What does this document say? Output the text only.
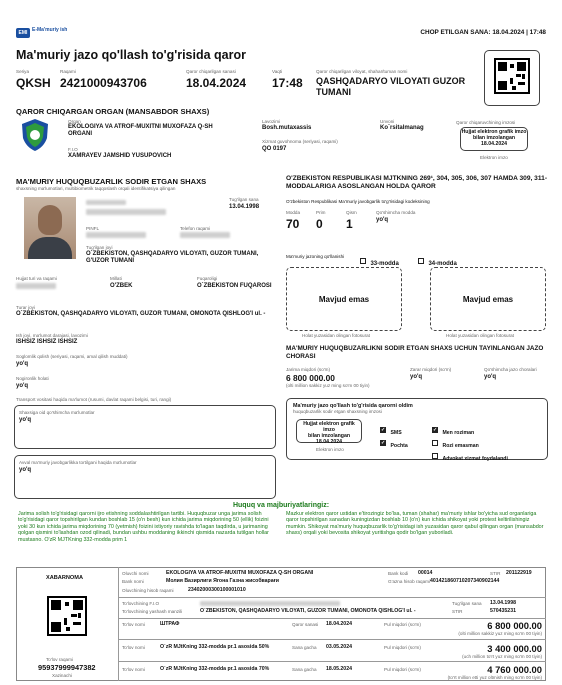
EMI E-Ma'muriy ish	CHOP ETILGAN SANA: 18.04.2024 | 17:48
Ma'muriy jazo qo'llash to'g'risida qaror
Seriya
QKSH
Raqami
2421000943706
Qaror chiqarilgan sanasi
18.04.2024
Vaqti
17:48
Qaror chiqarilgan viloyat, shahar/tuman nomi
QASHQADARYO VILOYATI GUZOR TUMANI
QAROR CHIQARGAN ORGAN (MANSABDOR SHAXS)
Organ
EKOLOGIYA VA ATROF-MUXITNI MUXOFAZA Q-SH ORGANI
F.I.O
XAMRAYEV JAMSHID YUSUPOVICH
Lavozimi
Bosh.mutaxassis
Unvoni
Ko`rsitalmanag
Xizmat guvohnoma (seriyasi, raqami)
QO 0197
Qaror chiqaruvchining imzosi
Hujjat elektron grafik imzo
bilan imzolangan
18.04.2024
Elektron imzo
MA'MURIY HUQUQBUZARLIK SODIR ETGAN SHAXS
shaxsning ma'lumotlari, multibiometrik taqqoslash orqali identifikatsiya qilingan
Tug'ilgan sana
13.04.1998
PINFL	Telefon raqami
Tug'ilgan joyi
O`ZBEKISTON, QASHQADARYO VILOYATI, GUZOR TUMANI, G'UZOR TUMANI
Hujjat turi va raqami	Millati
O'ZBEK
Fuqaroligi
O`ZBEKISTON FUQAROSI
Turar joyi
O`ZBEKISTON, QASHQADARYO VILOYATI, GUZOR TUMANI, OMONOTA QISHLOG'I ul. -
Ish joyi, ma'lumot darajasi, lavozimi
ISHSIZ ISHSIZ ISHSIZ
Soglomlik qolish (seriyasi, raqami, amal qilish muddati)
yo'q
Nogironlik holati
yo'q
Transport vositasi haqida ma'lumot (rusumi, davlat raqami belgisi, turi, rangi)
Shaxsiga oid qo'shimcha ma'lumotlar
yo'q
Avval ma'muriy javobgarlikka tortilgani haqida ma'lumotlar
yo'q
O'ZBEKISTON RESPUBLIKASI MJTKNING 269¹, 304, 305, 306, 307 HAMDA 309, 311-MODDALARIGA ASOSLANGAN HOLDA QAROR
O'zbekiston Respublikasi Ma'muriy javobgarlik to'g'risidagi kodeksining
Modda
70
Prim
0
Qism
1
Qo'shimcha modda
yo'q
Ma'muriy jazoning qo'llanishi
33-modda	34-modda
Mavjud emas	Mavjud emas
Holat yuzasidan olingan fotosurat	Holat yuzasidan olingan fotosurat
MA'MURIY HUQUQBUZARLIKNI SODIR ETGAN SHAXS UCHUN TAYINLANGAN JAZO CHORASI
Jarima miqdori (so'm)
6 800 000.00
(olti million sakkiz yuz ming so'm 00 tiyin)
Zarar miqdori (so'm)
yo'q
Qo'shimcha jazo choralari
yo'q
Ma'muriy jazo qo'llash to'g'risida qarorni oldim
huquqbuzarlik sodir etgan shaxsning imzosi
Hujjat elektron grafik imzo
bilan imzolangan
18.04.2024
Elektron imzo
✓ SMS
✓ Pochta
✓ Men roziman
Rozi emasman
Advokat xizmat foydalandi
Huquq va majburiyatlaringiz:
Jarima solish to'g'risidagi qarorni ijro etishning soddalashtirilgan tartibi. Huquqbuzar unga jarima solish to'g'risidagi qaror topshirilgan kundan boshlab 15 (o'n besh) kun ichida jarima miqdorining 50 (ellik) foizini yoki 30 kun ichida jarima miqdorining 70 (yetmish) foizini ixtiyoriy ravishda to'lagan taqdirda, u jarimaning qolgan qismini to'lashdan ozod qilinadi, bundan ushbu moddaning ikkinchi qismida nazarda tutilgan hollar mustasno. O'zR MJTKning 332-modda prim 1
Mazkur elektron qaror ustidan e'tirozingiz bo'lsa, tuman (shahar) ma'muriy ishlar bo'yicha sud organlariga qaror topshirilgan sanadan kuningizdan boshlab 10 (o'n) kun ichida shikoyat yoki protest keltirilishingiz mumkin. Shikoyat ma'muriy huquqbuzarlik to'g'risidagi ish yuzasidan qaror qabul qilingan organ (mansabdor shaxs) orqali yoki bevosita shikoyat yuritishga qodir bo'lgan yuboriladi.
XABARNOMA
To'lov raqami
95937999947382
Xazinachi
Oluvchi nomi	EKOLOGIYA VA ATROF-MUXITNI MUXOFAZA Q-SH ORGANI	Bank kodi 00014	STIR 201122919
Bank nomi	Молия Вазирлиги Ягона Газна жисобварағи	G'azna hisob raqami 401421860710207340902144
Oluvchining hisob raqami	23402000300100001010
To'lovchining F.I.O	Tug'ilgan sana 13.04.1998
To'lovchining yashash manzili	O`ZBEKISTON, QASHQADARYO VILOYATI, GUZOR TUMANI, OMONOTA QISHLOG'I ul. -	STIR	570435231
To'lov nomi	ШТРАФ	Qaror sanasi 18.04.2024	Pul miqdori (so'm)	6 800 000.00
(olti million sakkiz yuz ming so'm 00 tiyin)
To'lov nomi	O`zR MJtKning 332-modda pr.1 asosida 50%	Sana gacha 03.05.2024	Pul miqdori (so'm)	3 400 000.00
(uch million to'rt yuz ming so'm 00 tiyin)
To'lov nomi	O`zR MJtKning 332-modda pr.1 asosida 70%	Sana gacha 18.05.2024	Pul miqdori (so'm)	4 760 000.00
(to'rt million etti yuz oltmish ming so'm 00 tiyin)
